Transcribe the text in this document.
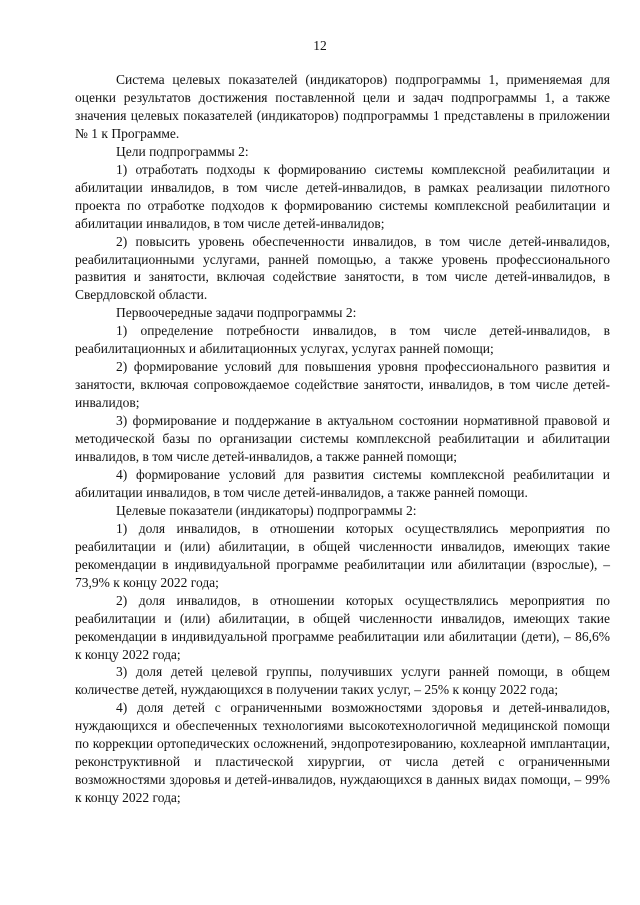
12

Система целевых показателей (индикаторов) подпрограммы 1, применяемая для оценки результатов достижения поставленной цели и задач подпрограммы 1, а также значения целевых показателей (индикаторов) подпрограммы 1 представлены в приложении № 1 к Программе.

Цели подпрограммы 2:

1) отработать подходы к формированию системы комплексной реабилитации и абилитации инвалидов, в том числе детей-инвалидов, в рамках реализации пилотного проекта по отработке подходов к формированию системы комплексной реабилитации и абилитации инвалидов, в том числе детей-инвалидов;

2) повысить уровень обеспеченности инвалидов, в том числе детей-инвалидов, реабилитационными услугами, ранней помощью, а также уровень профессионального развития и занятости, включая содействие занятости, в том числе детей-инвалидов, в Свердловской области.

Первоочередные задачи подпрограммы 2:

1) определение потребности инвалидов, в том числе детей-инвалидов, в реабилитационных и абилитационных услугах, услугах ранней помощи;

2) формирование условий для повышения уровня профессионального развития и занятости, включая сопровождаемое содействие занятости, инвалидов, в том числе детей-инвалидов;

3) формирование и поддержание в актуальном состоянии нормативной правовой и методической базы по организации системы комплексной реабилитации и абилитации инвалидов, в том числе детей-инвалидов, а также ранней помощи;

4) формирование условий для развития системы комплексной реабилитации и абилитации инвалидов, в том числе детей-инвалидов, а также ранней помощи.

Целевые показатели (индикаторы) подпрограммы 2:

1) доля инвалидов, в отношении которых осуществлялись мероприятия по реабилитации и (или) абилитации, в общей численности инвалидов, имеющих такие рекомендации в индивидуальной программе реабилитации или абилитации (взрослые), – 73,9% к концу 2022 года;

2) доля инвалидов, в отношении которых осуществлялись мероприятия по реабилитации и (или) абилитации, в общей численности инвалидов, имеющих такие рекомендации в индивидуальной программе реабилитации или абилитации (дети), – 86,6% к концу 2022 года;

3) доля детей целевой группы, получивших услуги ранней помощи, в общем количестве детей, нуждающихся в получении таких услуг, – 25% к концу 2022 года;

4) доля детей с ограниченными возможностями здоровья и детей-инвалидов, нуждающихся и обеспеченных технологиями высокотехнологичной медицинской помощи по коррекции ортопедических осложнений, эндопротезированию, кохлеарной имплантации, реконструктивной и пластической хирургии, от числа детей с ограниченными возможностями здоровья и детей-инвалидов, нуждающихся в данных видах помощи, – 99% к концу 2022 года;
